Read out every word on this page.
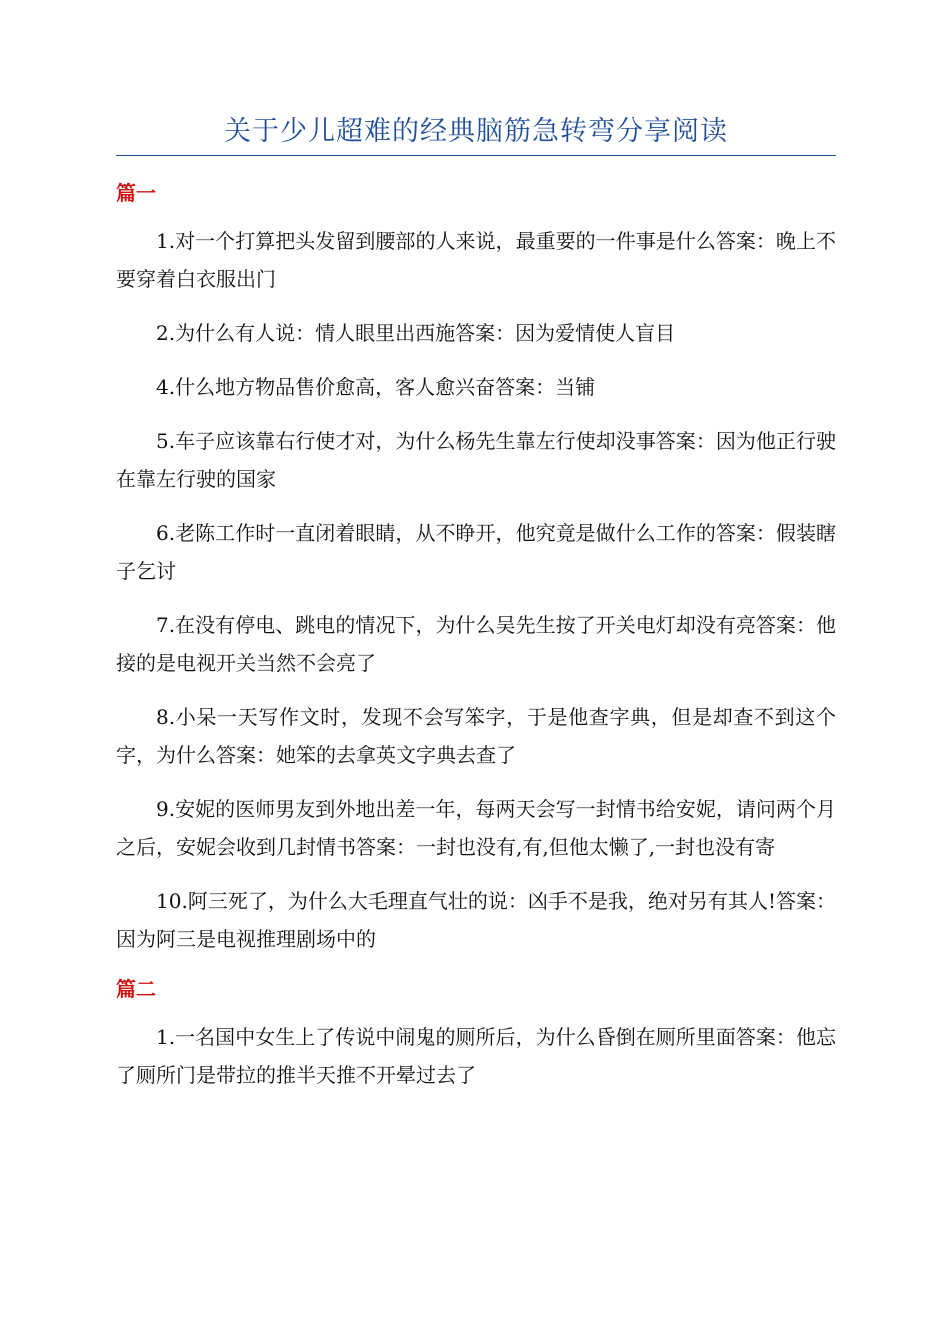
关于少儿超难的经典脑筋急转弯分享阅读
篇一

1.对一个打算把头发留到腰部的人来说，最重要的一件事是什么答案：晚上不要穿着白衣服出门

2.为什么有人说：情人眼里出西施答案：因为爱情使人盲目

4.什么地方物品售价愈高，客人愈兴奋答案：当铺

5.车子应该靠右行使才对，为什么杨先生靠左行使却没事答案：因为他正行驶在靠左行驶的国家

6.老陈工作时一直闭着眼睛，从不睁开，他究竟是做什么工作的答案：假装瞎子乞讨

7.在没有停电、跳电的情况下，为什么吴先生按了开关电灯却没有亮答案：他接的是电视开关当然不会亮了

8.小呆一天写作文时，发现不会写笨字，于是他查字典，但是却查不到这个字，为什么答案：她笨的去拿英文字典去查了

9.安妮的医师男友到外地出差一年，每两天会写一封情书给安妮，请问两个月之后，安妮会收到几封情书答案：一封也没有,有,但他太懒了,一封也没有寄

10.阿三死了，为什么大毛理直气壮的说：凶手不是我，绝对另有其人!答案：因为阿三是电视推理剧场中的

篇二

1.一名国中女生上了传说中闹鬼的厕所后，为什么昏倒在厕所里面答案：他忘了厕所门是带拉的推半天推不开晕过去了
